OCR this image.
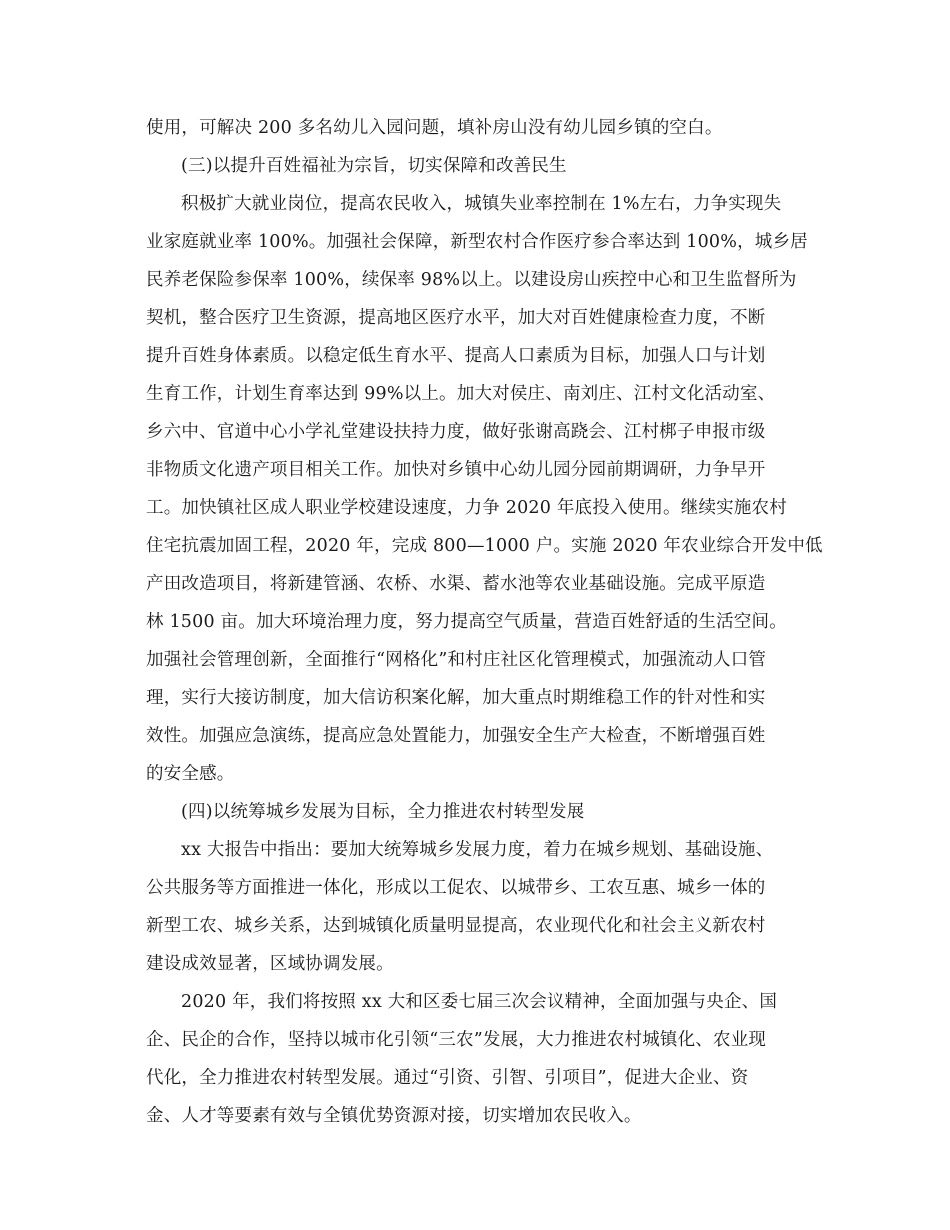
使用，可解决 200 多名幼儿入园问题，填补房山没有幼儿园乡镇的空白。
(三)以提升百姓福祉为宗旨，切实保障和改善民生
积极扩大就业岗位，提高农民收入，城镇失业率控制在 1%左右，力争实现失
业家庭就业率 100%。加强社会保障，新型农村合作医疗参合率达到 100%，城乡居
民养老保险参保率 100%，续保率 98%以上。以建设房山疾控中心和卫生监督所为
契机，整合医疗卫生资源，提高地区医疗水平，加大对百姓健康检查力度，不断
提升百姓身体素质。以稳定低生育水平、提高人口素质为目标，加强人口与计划
生育工作，计划生育率达到 99%以上。加大对侯庄、南刘庄、江村文化活动室、
乡六中、官道中心小学礼堂建设扶持力度，做好张谢高跷会、江村梆子申报市级
非物质文化遗产项目相关工作。加快对乡镇中心幼儿园分园前期调研，力争早开
工。加快镇社区成人职业学校建设速度，力争 2020 年底投入使用。继续实施农村
住宅抗震加固工程，2020 年，完成 800—1000 户。实施 2020 年农业综合开发中低
产田改造项目，将新建管涵、农桥、水渠、蓄水池等农业基础设施。完成平原造
林 1500 亩。加大环境治理力度，努力提高空气质量，营造百姓舒适的生活空间。
加强社会管理创新，全面推行“网格化”和村庄社区化管理模式，加强流动人口管
理，实行大接访制度，加大信访积案化解，加大重点时期维稳工作的针对性和实
效性。加强应急演练，提高应急处置能力，加强安全生产大检查，不断增强百姓
的安全感。
(四)以统筹城乡发展为目标，全力推进农村转型发展
xx 大报告中指出：要加大统筹城乡发展力度，着力在城乡规划、基础设施、
公共服务等方面推进一体化，形成以工促农、以城带乡、工农互惠、城乡一体的
新型工农、城乡关系，达到城镇化质量明显提高，农业现代化和社会主义新农村
建设成效显著，区域协调发展。
2020 年，我们将按照 xx 大和区委七届三次会议精神，全面加强与央企、国
企、民企的合作，坚持以城市化引领“三农”发展，大力推进农村城镇化、农业现
代化，全力推进农村转型发展。通过“引资、引智、引项目”，促进大企业、资
金、人才等要素有效与全镇优势资源对接，切实增加农民收入。
